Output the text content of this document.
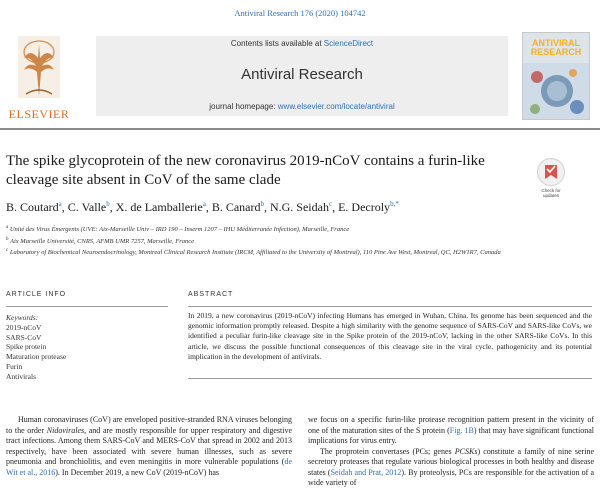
Antiviral Research 176 (2020) 104742
ELSEVIER
Contents lists available at ScienceDirect
Antiviral Research
journal homepage: www.elsevier.com/locate/antiviral
ANTIVIRAL RESEARCH
The spike glycoprotein of the new coronavirus 2019-nCoV contains a furin-like cleavage site absent in CoV of the same clade
Check for
updates
B. Coutard$^a$, C. Valle$^b$, X. de Lamballerie$^a$, B. Canard$^b$, N.G. Seidah$^c$, E. Decroly$^{b,*}$
$^a$ Unité des Virus Émergents (UVE: Aix-Marseille Univ – IRD 190 – Inserm 1207 – IHU Méditerranée Infection), Marseille, France
$^b$ Aix Marseille Université, CNRS, AFMB UMR 7257, Marseille, France
$^c$ Laboratory of Biochemical Neuroendocrinology, Montreal Clinical Research Institute (IRCM, Affiliated to the University of Montreal), 110 Pine Ave West, Montreal, QC, H2W1R7, Canada
ARTICLE INFO	ABSTRACT
Keywords:
2019-nCoV
SARS-CoV
Spike protein
Maturation protease
Furin
Antivirals
In 2019, a new coronavirus (2019-nCoV) infecting Humans has emerged in Wuhan, China. Its genome has been sequenced and the genomic information promptly released. Despite a high similarity with the genome sequence of SARS-CoV and SARS-like CoVs, we identified a peculiar furin-like cleavage site in the Spike protein of the 2019-nCoV, lacking in the other SARS-like CoVs. In this article, we discuss the possible functional consequences of this cleavage site in the viral cycle, pathogenicity and its potential implication in the development of antivirals.

Human coronaviruses (CoV) are enveloped positive-stranded RNA viruses belonging to the order Nidovirales, and are mostly responsible for upper respiratory and digestive tract infections. Among them SARS-CoV and MERS-CoV that spread in 2002 and 2013 respectively, have been associated with severe human illnesses, such as severe pneumonia and bronchiolitis, and even meningitis in more vulnerable populations (de Wit et al., 2016). In December 2019, a new CoV (2019-nCoV) has

we focus on a specific furin-like protease recognition pattern present in the vicinity of one of the maturation sites of the S protein (Fig. 1B) that may have significant functional implications for virus entry.

The proprotein convertases (PCs; genes PCSKs) constitute a family of nine serine secretory proteases that regulate various biological processes in both healthy and disease states (Seidah and Prat, 2012). By proteolysis, PCs are responsible for the activation of a wide variety of
